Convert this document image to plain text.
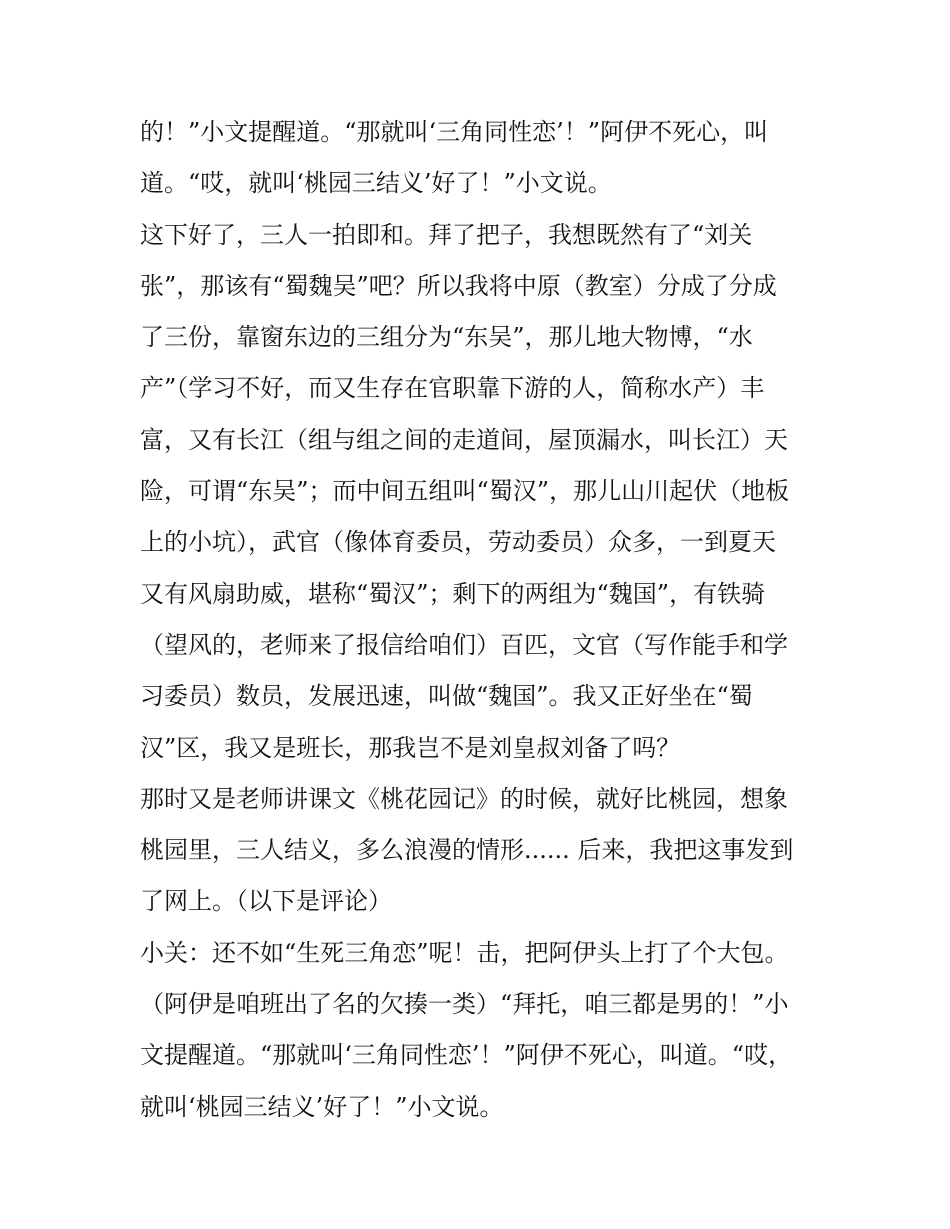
的！”小文提醒道。“那就叫‘三角同性恋’！”阿伊不死心，叫
道。“哎，就叫‘桃园三结义’好了！”小文说。
这下好了，三人一拍即和。拜了把子，我想既然有了“刘关
张”，那该有“蜀魏吴”吧？所以我将中原（教室）分成了分成
了三份，靠窗东边的三组分为“东吴”，那儿地大物博，“水
产”（学习不好，而又生存在官职靠下游的人，简称水产）丰
富，又有长江（组与组之间的走道间，屋顶漏水，叫长江）天
险，可谓“东吴”；而中间五组叫“蜀汉”，那儿山川起伏（地板
上的小坑），武官（像体育委员，劳动委员）众多，一到夏天
又有风扇助威，堪称“蜀汉”；剩下的两组为“魏国”，有铁骑
（望风的，老师来了报信给咱们）百匹，文官（写作能手和学
习委员）数员，发展迅速，叫做“魏国”。我又正好坐在“蜀
汉”区，我又是班长，那我岂不是刘皇叔刘备了吗？
那时又是老师讲课文《桃花园记》的时候，就好比桃园，想象
桃园里，三人结义，多么浪漫的情形...... 后来，我把这事发到
了网上。（以下是评论）
小关：还不如“生死三角恋”呢！击，把阿伊头上打了个大包。
（阿伊是咱班出了名的欠揍一类）“拜托，咱三都是男的！”小
文提醒道。“那就叫‘三角同性恋’！”阿伊不死心，叫道。“哎，
就叫‘桃园三结义’好了！”小文说。
